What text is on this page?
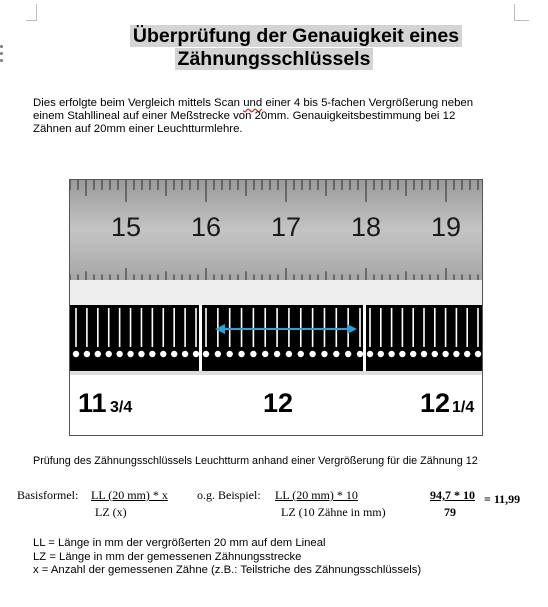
Überprüfung der Genauigkeit eines
Zähnungsschlüssels
Dies erfolgte beim Vergleich mittels Scan und einer 4 bis 5-fachen Vergrößerung neben
einem Stahllineal auf einer Meßstrecke von 20mm. Genauigkeitsbestimmung bei 12
Zähnen auf 20mm einer Leuchtturmlehre.
15 16 17 18 19
11 3/4	12	12 1/4
Prüfung des Zähnungsschlüssels Leuchtturm anhand einer Vergrößerung für die Zähnung 12
Basisformel: LL (20 mm) * x
LZ (x)
o.g. Beispiel: LL (20 mm) * 10
LZ (10 Zähne in mm)
94,7 * 10
79
= 11,99
LL = Länge in mm der vergrößerten 20 mm auf dem Lineal
LZ = Länge in mm der gemessenen Zähnungsstrecke
x = Anzahl der gemessenen Zähne (z.B.: Teilstriche des Zähnungsschlüssels)
